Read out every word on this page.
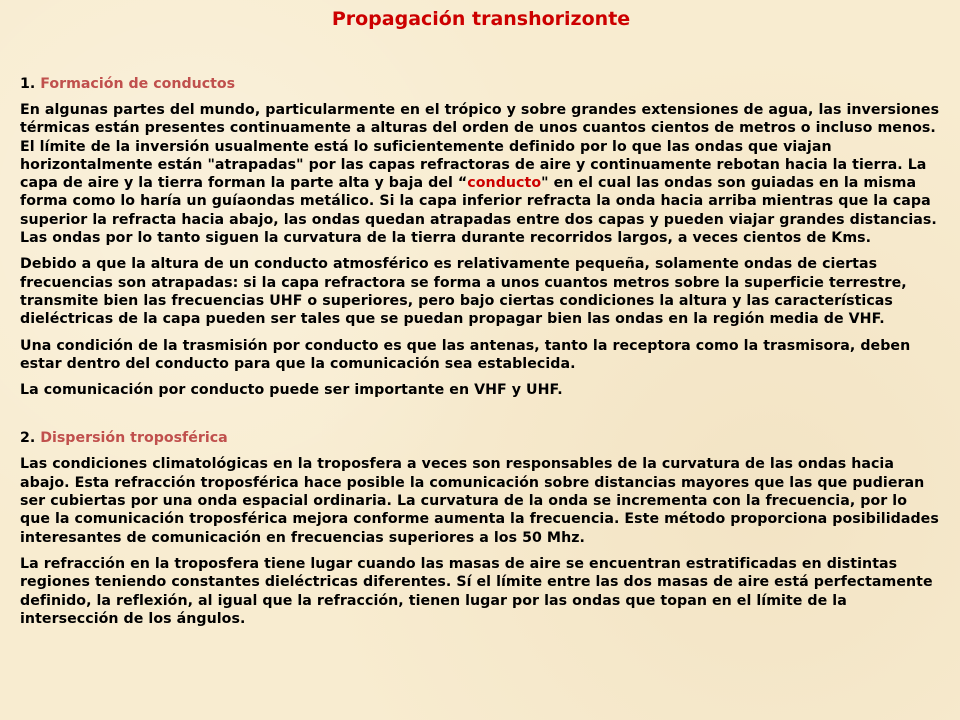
Propagación transhorizonte
1. Formación de conductos

En algunas partes del mundo, particularmente en el trópico y sobre grandes extensiones de agua, las inversiones térmicas están presentes continuamente a alturas del orden de unos cuantos cientos de metros o incluso menos. El límite de la inversión usualmente está lo suficientemente definido por lo que las ondas que viajan horizontalmente están "atrapadas" por las capas refractoras de aire y continuamente rebotan hacia la tierra. La capa de aire y la tierra forman la parte alta y baja del “conducto" en el cual las ondas son guiadas en la misma forma como lo haría un guíaondas metálico. Si la capa inferior refracta la onda hacia arriba mientras que la capa superior la refracta hacia abajo, las ondas quedan atrapadas entre dos capas y pueden viajar grandes distancias. Las ondas por lo tanto siguen la curvatura de la tierra durante recorridos largos, a veces cientos de Kms.

Debido a que la altura de un conducto atmosférico es relativamente pequeña, solamente ondas de ciertas frecuencias son atrapadas: si la capa refractora se forma a unos cuantos metros sobre la superficie terrestre, transmite bien las frecuencias UHF o superiores, pero bajo ciertas condiciones la altura y las características dieléctricas de la capa pueden ser tales que se puedan propagar bien las ondas en la región media de VHF.

Una condición de la trasmisión por conducto es que las antenas, tanto la receptora como la trasmisora, deben estar dentro del conducto para que la comunicación sea establecida.

La comunicación por conducto puede ser importante en VHF y UHF.

2. Dispersión troposférica

Las condiciones climatológicas en la troposfera a veces son responsables de la curvatura de las ondas hacia abajo. Esta refracción troposférica hace posible la comunicación sobre distancias mayores que las que pudieran ser cubiertas por una onda espacial ordinaria. La curvatura de la onda se incrementa con la frecuencia, por lo que la comunicación troposférica mejora conforme aumenta la frecuencia. Este método proporciona posibilidades interesantes de comunicación en frecuencias superiores a los 50 Mhz.

La refracción en la troposfera tiene lugar cuando las masas de aire se encuentran estratificadas en distintas regiones teniendo constantes dieléctricas diferentes. Sí el límite entre las dos masas de aire está perfectamente definido, la reflexión, al igual que la refracción, tienen lugar por las ondas que topan en el límite de la intersección de los ángulos.
